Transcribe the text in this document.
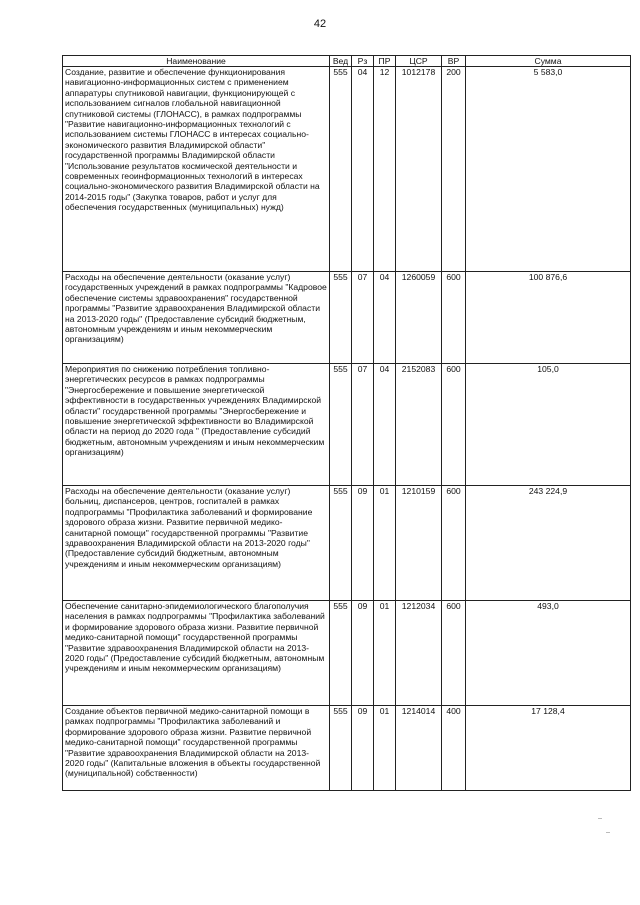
42
Наименование	Вед	Рз	ПР	ЦСР	ВР	Сумма
Создание, развитие и обеспечение функционирования навигационно-информационных систем с применением аппаратуры спутниковой навигации, функционирующей с использованием сигналов глобальной навигационной спутниковой системы (ГЛОНАСС), в рамках подпрограммы "Развитие навигационно-информационных технологий с использованием системы ГЛОНАСС в интересах социально-экономического развития Владимирской области" государственной программы Владимирской области "Использование результатов космической деятельности и современных геоинформационных технологий в интересах социально-экономического развития Владимирской области на 2014-2015 годы" (Закупка товаров, работ и услуг для обеспечения государственных (муниципальных) нужд)	555	04	12	1012178	200	5 583,0
Расходы на обеспечение деятельности (оказание услуг) государственных учреждений в рамках подпрограммы "Кадровое обеспечение системы здравоохранения" государственной программы "Развитие здравоохранения Владимирской области на 2013-2020 годы" (Предоставление субсидий бюджетным, автономным учреждениям и иным некоммерческим организациям)	555	07	04	1260059	600	100 876,6
Мероприятия по снижению потребления топливно-энергетических ресурсов в рамках подпрограммы "Энергосбережение и повышение энергетической эффективности в государственных учреждениях Владимирской области" государственной программы "Энергосбережение и повышение энергетической эффективности во Владимирской области на период до 2020 года " (Предоставление субсидий бюджетным, автономным учреждениям и иным некоммерческим организациям)	555	07	04	2152083	600	105,0
Расходы на обеспечение деятельности (оказание услуг) больниц, диспансеров, центров, госпиталей в рамках подпрограммы "Профилактика заболеваний и формирование здорового образа жизни. Развитие первичной медико-санитарной помощи" государственной программы "Развитие здравоохранения Владимирской области на 2013-2020 годы" (Предоставление субсидий бюджетным, автономным учреждениям и иным некоммерческим организациям)	555	09	01	1210159	600	243 224,9
Обеспечение санитарно-эпидемиологического благополучия населения в рамках подпрограммы "Профилактика заболеваний и формирование здорового образа жизни. Развитие первичной медико-санитарной помощи" государственной программы "Развитие здравоохранения Владимирской области на 2013-2020 годы" (Предоставление субсидий бюджетным, автономным учреждениям и иным некоммерческим организациям)	555	09	01	1212034	600	493,0
Создание объектов первичной медико-санитарной помощи в рамках подпрограммы "Профилактика заболеваний и формирование здорового образа жизни. Развитие первичной медико-санитарной помощи" государственной программы "Развитие здравоохранения Владимирской области на 2013-2020 годы" (Капитальные вложения в объекты государственной (муниципальной) собственности)	555	09	01	1214014	400	17 128,4
